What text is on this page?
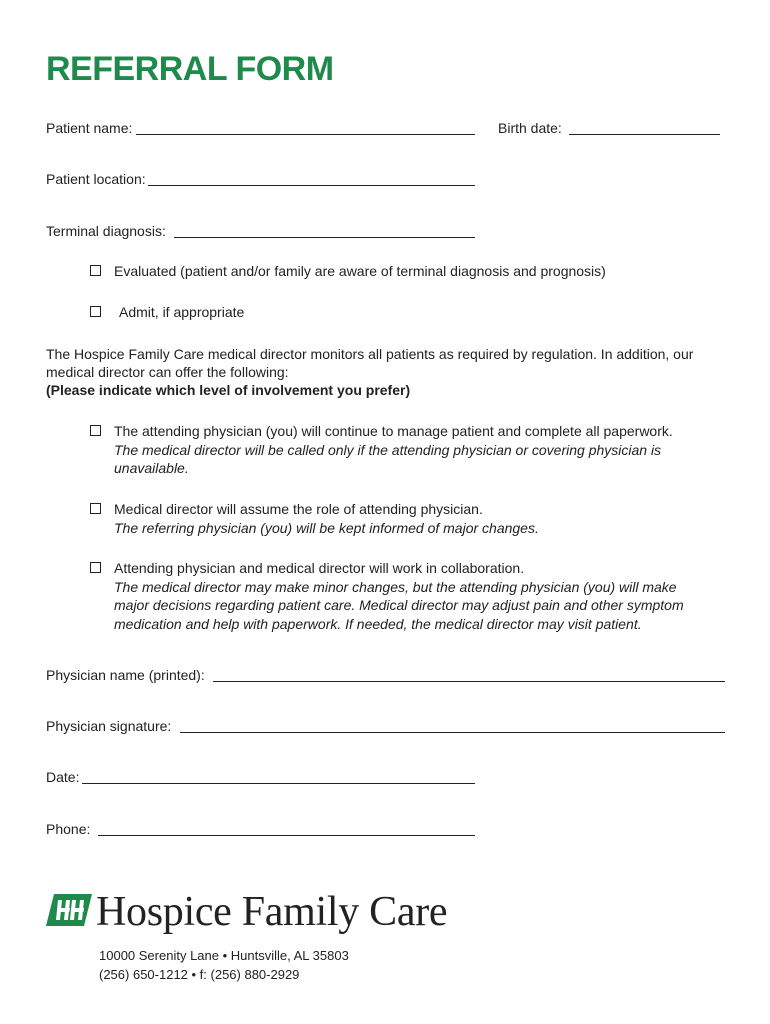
REFERRAL FORM
Patient name:	Birth date:
Patient location:
Terminal diagnosis:
Evaluated (patient and/or family are aware of terminal diagnosis and prognosis)
Admit, if appropriate
The Hospice Family Care medical director monitors all patients as required by regulation. In addition, our medical director can offer the following:
(Please indicate which level of involvement you prefer)
The attending physician (you) will continue to manage patient and complete all paperwork.
The medical director will be called only if the attending physician or covering physician is unavailable.
Medical director will assume the role of attending physician.
The referring physician (you) will be kept informed of major changes.
Attending physician and medical director will work in collaboration.
The medical director may make minor changes, but the attending physician (you) will make major decisions regarding patient care. Medical director may adjust pain and other symptom medication and help with paperwork. If needed, the medical director may visit patient.
Physician name (printed):
Physician signature:
Date:
Phone:
Hospice Family Care
10000 Serenity Lane • Huntsville, AL 35803
(256) 650-1212 • f: (256) 880-2929
